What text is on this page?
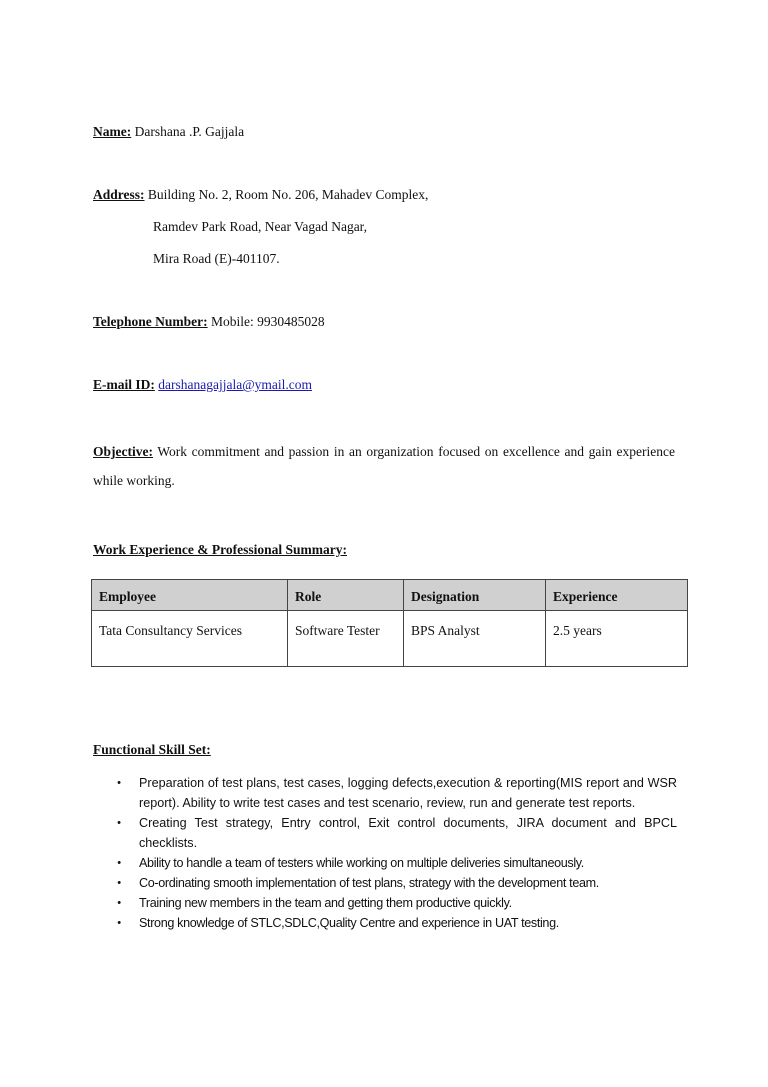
Name: Darshana .P. Gajjala
Address: Building No. 2, Room No. 206, Mahadev Complex,
Ramdev Park Road, Near Vagad Nagar,
Mira Road (E)-401107.
Telephone Number: Mobile: 9930485028
E-mail ID: darshanagajjala@ymail.com
Objective: Work commitment and passion in an organization focused on excellence and gain experience while working.
Work Experience & Professional Summary:
Employee	Role	Designation	Experience
Tata Consultancy Services	Software Tester	BPS Analyst	2.5 years
Functional Skill Set:
• Preparation of test plans, test cases, logging defects,execution & reporting(MIS report and WSR report). Ability to write test cases and test scenario, review, run and generate test reports.
• Creating Test strategy, Entry control, Exit control documents, JIRA document and BPCL checklists.
• Ability to handle a team of testers while working on multiple deliveries simultaneously.
• Co-ordinating smooth implementation of test plans, strategy with the development team.
• Training new members in the team and getting them productive quickly.
• Strong knowledge of STLC,SDLC,Quality Centre and experience in UAT testing.
